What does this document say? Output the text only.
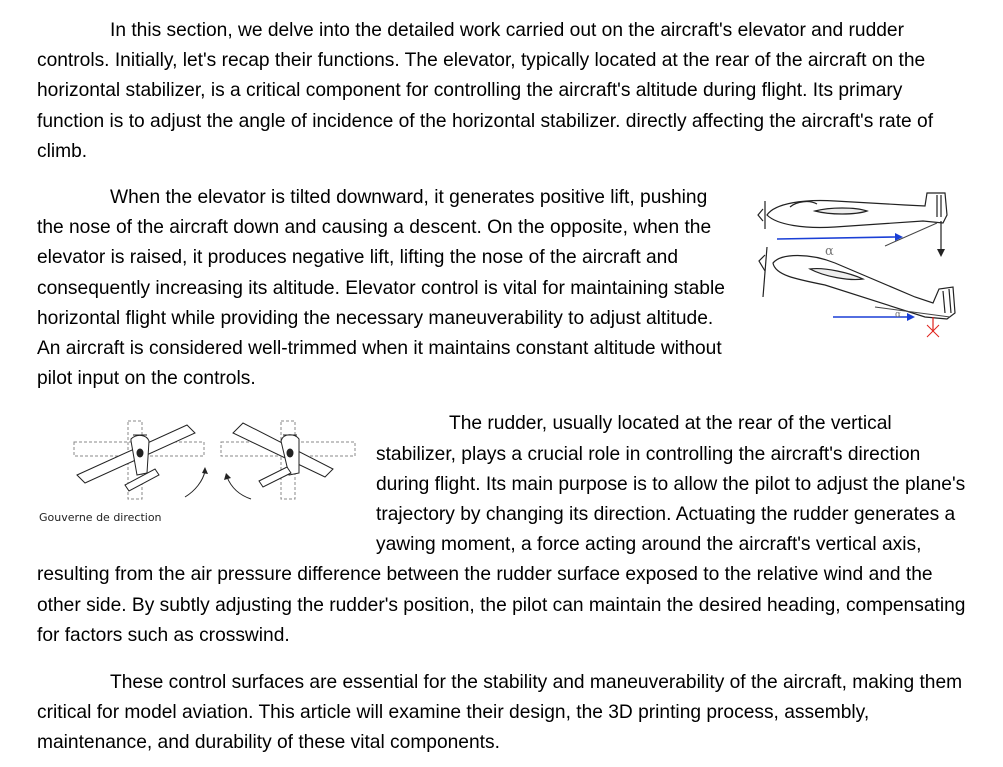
In this section, we delve into the detailed work carried out on the aircraft's elevator and rudder controls. Initially, let's recap their functions. The elevator, typically located at the rear of the aircraft on the horizontal stabilizer, is a critical component for controlling the aircraft's altitude during flight. Its primary function is to adjust the angle of incidence of the horizontal stabilizer. directly affecting the aircraft's rate of climb.

α
α

When the elevator is tilted downward, it generates positive lift, pushing the nose of the aircraft down and causing a descent. On the opposite, when the elevator is raised, it produces negative lift, lifting the nose of the aircraft and consequently increasing its altitude. Elevator control is vital for maintaining stable horizontal flight while providing the necessary maneuverability to adjust altitude. An aircraft is considered well-trimmed when it maintains constant altitude without pilot input on the controls.

Gouverne de direction

The rudder, usually located at the rear of the vertical stabilizer, plays a crucial role in controlling the aircraft's direction during flight. Its main purpose is to allow the pilot to adjust the plane's trajectory by changing its direction. Actuating the rudder generates a yawing moment, a force acting around the aircraft's vertical axis, resulting from the air pressure difference between the rudder surface exposed to the relative wind and the other side. By subtly adjusting the rudder's position, the pilot can maintain the desired heading, compensating for factors such as crosswind.

These control surfaces are essential for the stability and maneuverability of the aircraft, making them critical for model aviation. This article will examine their design, the 3D printing process, assembly, maintenance, and durability of these vital components.
